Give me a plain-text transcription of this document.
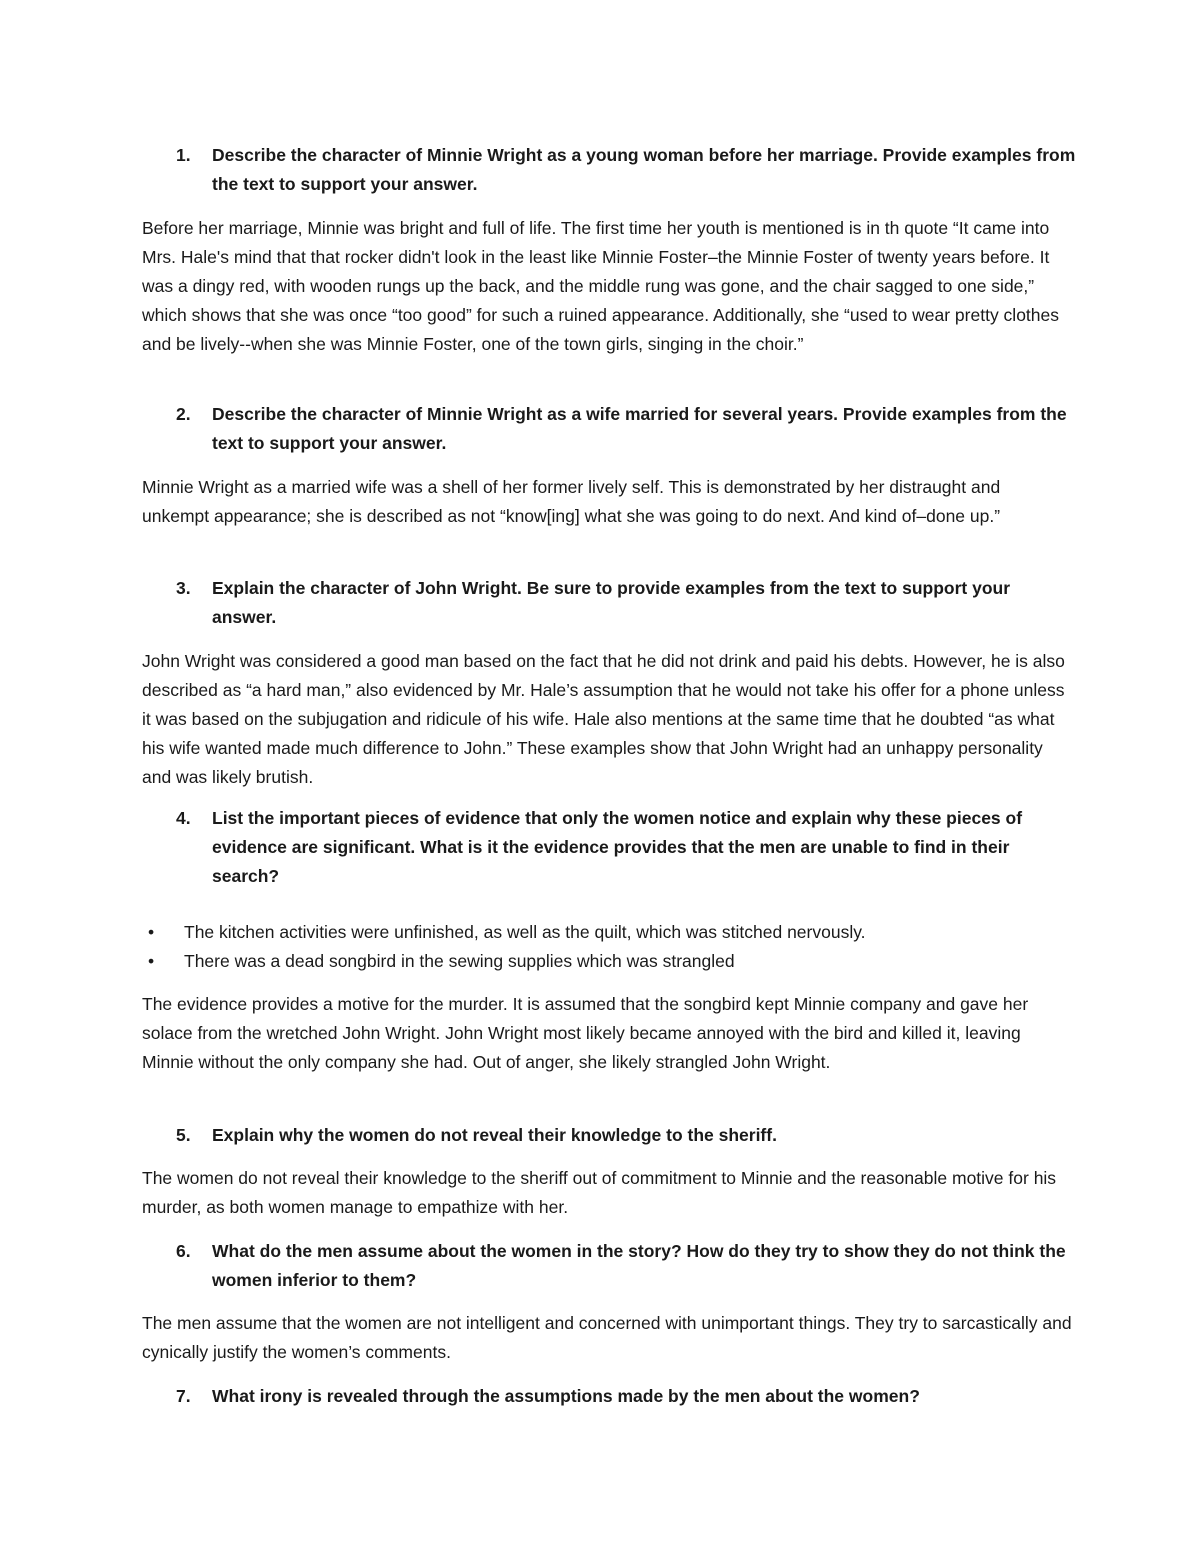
1. Describe the character of Minnie Wright as a young woman before her marriage. Provide examples from the text to support your answer.
Before her marriage, Minnie was bright and full of life. The first time her youth is mentioned is in th quote “It came into Mrs. Hale's mind that that rocker didn't look in the least like Minnie Foster–the Minnie Foster of twenty years before. It was a dingy red, with wooden rungs up the back, and the middle rung was gone, and the chair sagged to one side,” which shows that she was once “too good” for such a ruined appearance. Additionally, she “used to wear pretty clothes and be lively--when she was Minnie Foster, one of the town girls, singing in the choir.”
2. Describe the character of Minnie Wright as a wife married for several years. Provide examples from the text to support your answer.
Minnie Wright as a married wife was a shell of her former lively self. This is demonstrated by her distraught and unkempt appearance; she is described as not “know[ing] what she was going to do next. And kind of–done up.”
3. Explain the character of John Wright. Be sure to provide examples from the text to support your answer.
John Wright was considered a good man based on the fact that he did not drink and paid his debts. However, he is also described as “a hard man,” also evidenced by Mr. Hale’s assumption that he would not take his offer for a phone unless it was based on the subjugation and ridicule of his wife. Hale also mentions at the same time that he doubted “as what his wife wanted made much difference to John.” These examples show that John Wright had an unhappy personality and was likely brutish.
4. List the important pieces of evidence that only the women notice and explain why these pieces of evidence are significant. What is it the evidence provides that the men are unable to find in their search?
• The kitchen activities were unfinished, as well as the quilt, which was stitched nervously.
• There was a dead songbird in the sewing supplies which was strangled
The evidence provides a motive for the murder. It is assumed that the songbird kept Minnie company and gave her solace from the wretched John Wright. John Wright most likely became annoyed with the bird and killed it, leaving Minnie without the only company she had. Out of anger, she likely strangled John Wright.
5. Explain why the women do not reveal their knowledge to the sheriff.
The women do not reveal their knowledge to the sheriff out of commitment to Minnie and the reasonable motive for his murder, as both women manage to empathize with her.
6. What do the men assume about the women in the story? How do they try to show they do not think the women inferior to them?
The men assume that the women are not intelligent and concerned with unimportant things. They try to sarcastically and cynically justify the women’s comments.
7. What irony is revealed through the assumptions made by the men about the women?
